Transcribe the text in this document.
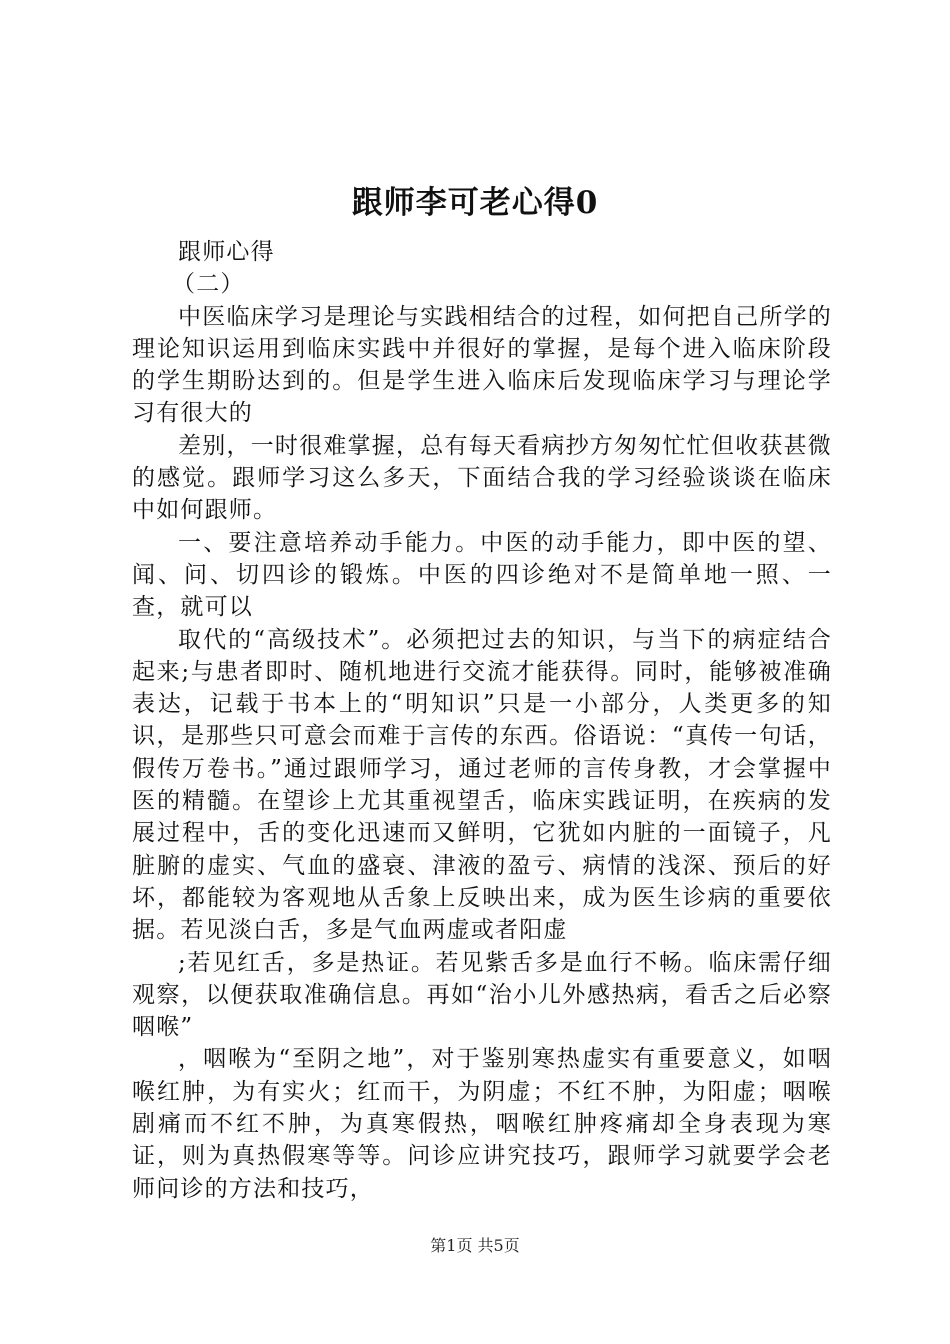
跟师李可老心得0

跟师心得

（二）

中医临床学习是理论与实践相结合的过程，如何把自己所学的理论知识运用到临床实践中并很好的掌握，是每个进入临床阶段的学生期盼达到的。但是学生进入临床后发现临床学习与理论学习有很大的

差别，一时很难掌握，总有每天看病抄方匆匆忙忙但收获甚微的感觉。跟师学习这么多天，下面结合我的学习经验谈谈在临床中如何跟师。

一、要注意培养动手能力。中医的动手能力，即中医的望、闻、问、切四诊的锻炼。中医的四诊绝对不是简单地一照、一查，就可以

取代的“高级技术”。必须把过去的知识，与当下的病症结合起来;与患者即时、随机地进行交流才能获得。同时，能够被准确表达，记载于书本上的“明知识”只是一小部分，人类更多的知识，是那些只可意会而难于言传的东西。俗语说：“真传一句话，假传万卷书。”通过跟师学习，通过老师的言传身教，才会掌握中医的精髓。在望诊上尤其重视望舌，临床实践证明，在疾病的发展过程中，舌的变化迅速而又鲜明，它犹如内脏的一面镜子，凡脏腑的虚实、气血的盛衰、津液的盈亏、病情的浅深、预后的好坏，都能较为客观地从舌象上反映出来，成为医生诊病的重要依据。若见淡白舌，多是气血两虚或者阳虚

;若见红舌，多是热证。若见紫舌多是血行不畅。临床需仔细观察，以便获取准确信息。再如“治小儿外感热病，看舌之后必察咽喉”

，咽喉为“至阴之地”，对于鉴别寒热虚实有重要意义，如咽喉红肿，为有实火；红而干，为阴虚；不红不肿，为阳虚；咽喉剧痛而不红不肿，为真寒假热，咽喉红肿疼痛却全身表现为寒证，则为真热假寒等等。问诊应讲究技巧，跟师学习就要学会老师问诊的方法和技巧，

第1页 共5页
